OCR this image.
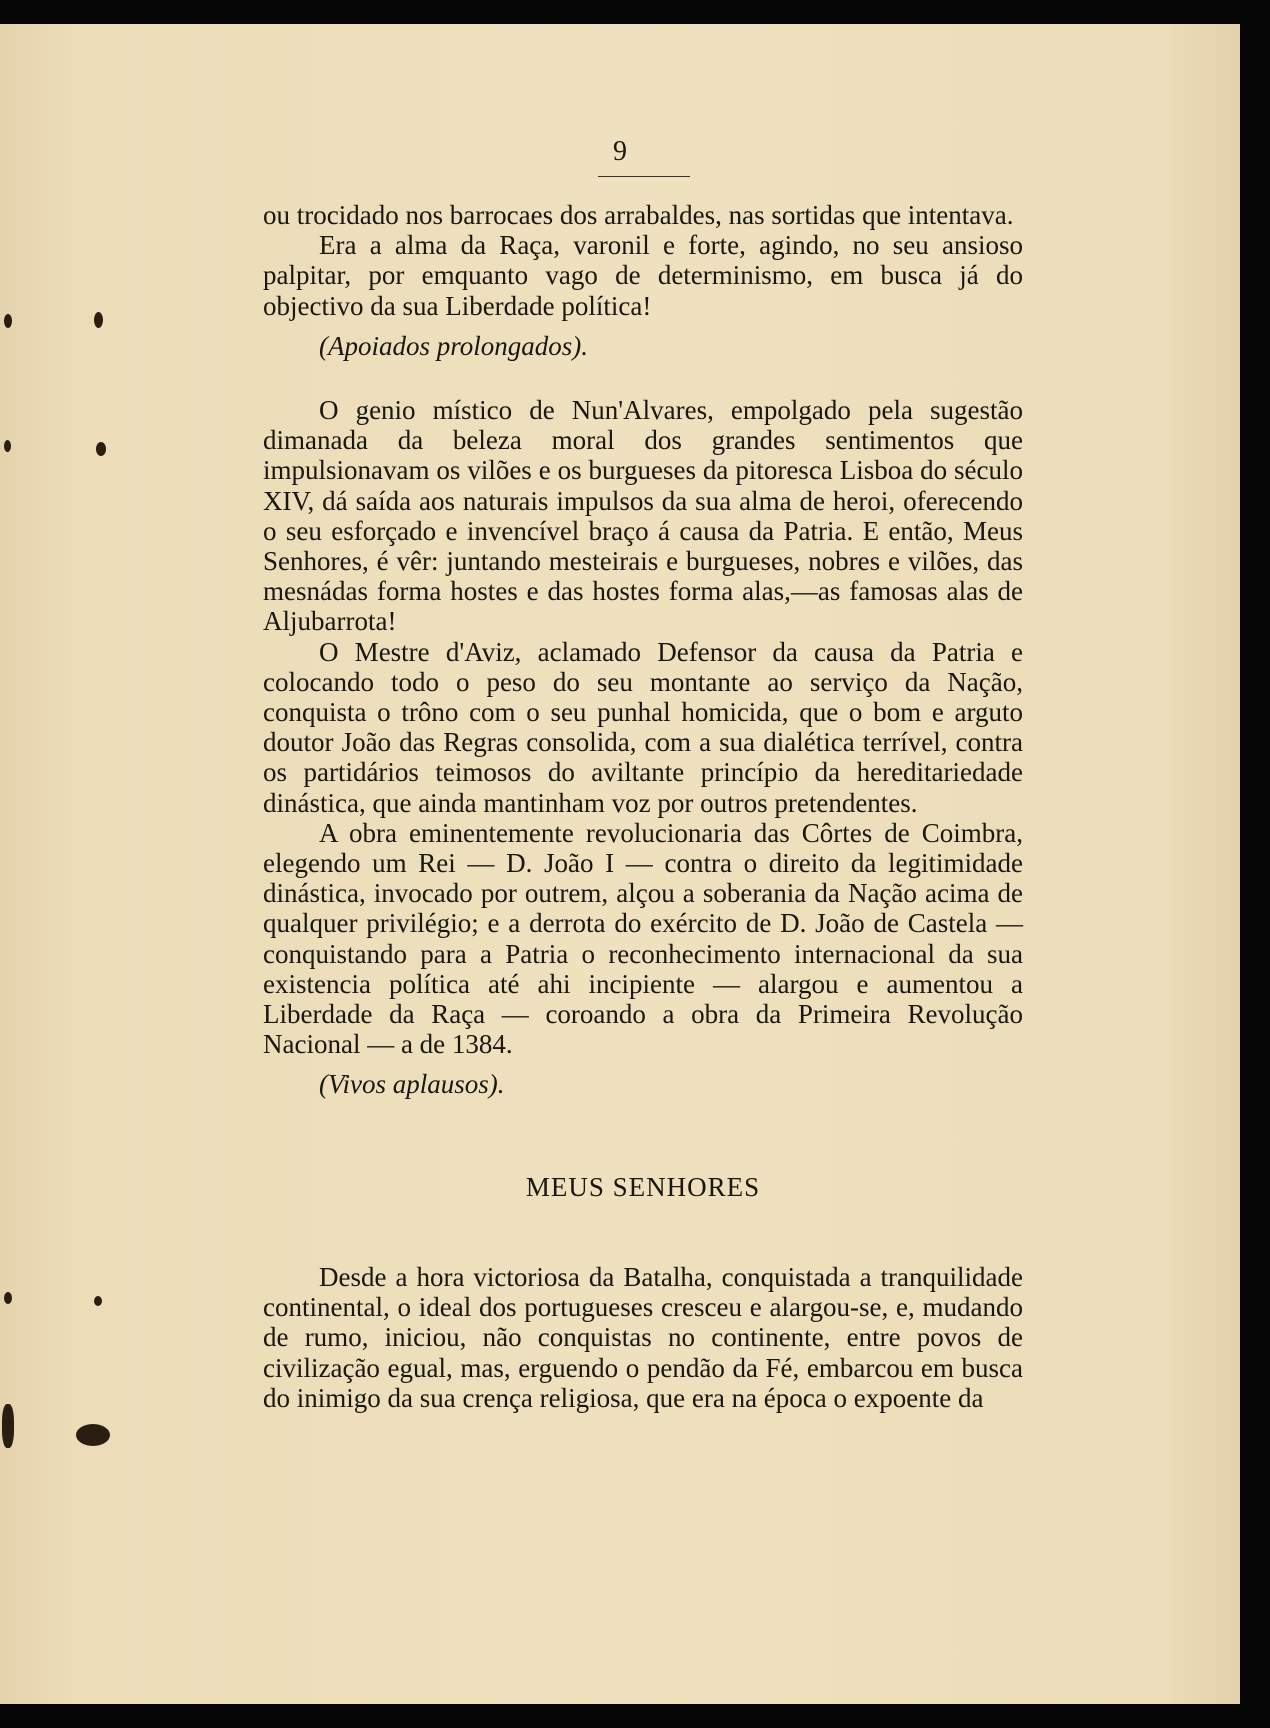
9

ou trocidado nos barrocaes dos arrabaldes, nas sortidas que intentava.

Era a alma da Raça, varonil e forte, agindo, no seu ansioso palpitar, por emquanto vago de determinismo, em busca já do objectivo da sua Liberdade política!

(Apoiados prolongados).

O genio místico de Nun'Alvares, empolgado pela sugestão dimanada da beleza moral dos grandes sentimentos que impulsionavam os vilões e os burgueses da pitoresca Lisboa do século XIV, dá saída aos naturais impulsos da sua alma de heroi, oferecendo o seu esforçado e invencível braço á causa da Patria. E então, Meus Senhores, é vêr: juntando mesteirais e burgueses, nobres e vilões, das mesnádas forma hostes e das hostes forma alas,—as famosas alas de Aljubarrota!

O Mestre d'Aviz, aclamado Defensor da causa da Patria e colocando todo o peso do seu montante ao serviço da Nação, conquista o trôno com o seu punhal homicida, que o bom e arguto doutor João das Regras consolida, com a sua dialética terrível, contra os partidários teimosos do aviltante princípio da hereditariedade dinástica, que ainda mantinham voz por outros pretendentes.

A obra eminentemente revolucionaria das Côrtes de Coimbra, elegendo um Rei — D. João I — contra o direito da legitimidade dinástica, invocado por outrem, alçou a soberania da Nação acima de qualquer privilégio; e a derrota do exército de D. João de Castela — conquistando para a Patria o reconhecimento internacional da sua existencia política até ahi incipiente — alargou e aumentou a Liberdade da Raça — coroando a obra da Primeira Revolução Nacional — a de 1384.

(Vivos aplausos).

MEUS SENHORES

Desde a hora victoriosa da Batalha, conquistada a tranquilidade continental, o ideal dos portugueses cresceu e alargou-se, e, mudando de rumo, iniciou, não conquistas no continente, entre povos de civilização egual, mas, erguendo o pendão da Fé, embarcou em busca do inimigo da sua crença religiosa, que era na época o expoente da
